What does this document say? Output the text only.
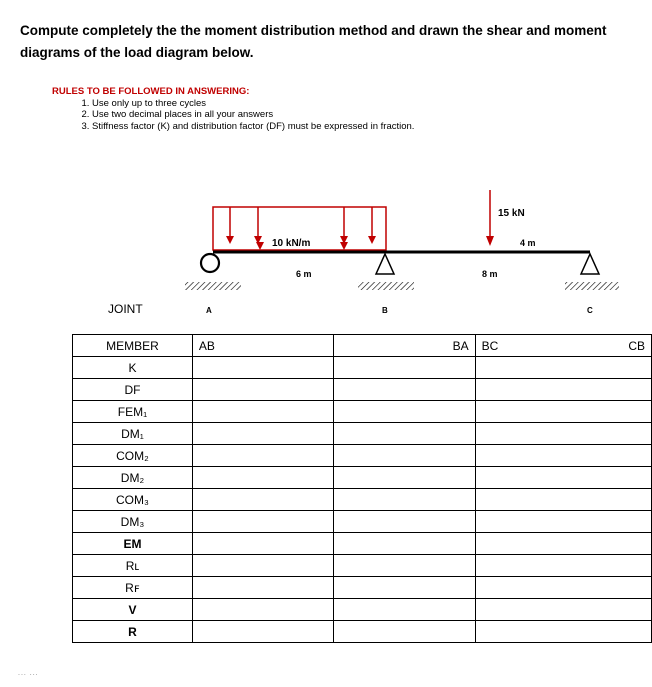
Compute completely the the moment distribution method and drawn the shear and moment diagrams of the load diagram below.
RULES TO BE FOLLOWED IN ANSWERING:
1. Use only up to three cycles
2. Use two decimal places in all your answers
3. Stiffness factor (K) and distribution factor (DF) must be expressed in fraction.
10 kN/m
15 kN
4 m
6 m	8 m
JOINT	A	B	C
MEMBER	AB	BA	BC CB

K			
DF			
FEM₁			
DM₁			
COM₂			
DM₂			
COM₃			
DM₃			
EM			
Rʟ			
Rꜰ			
V			
R			
... ...
